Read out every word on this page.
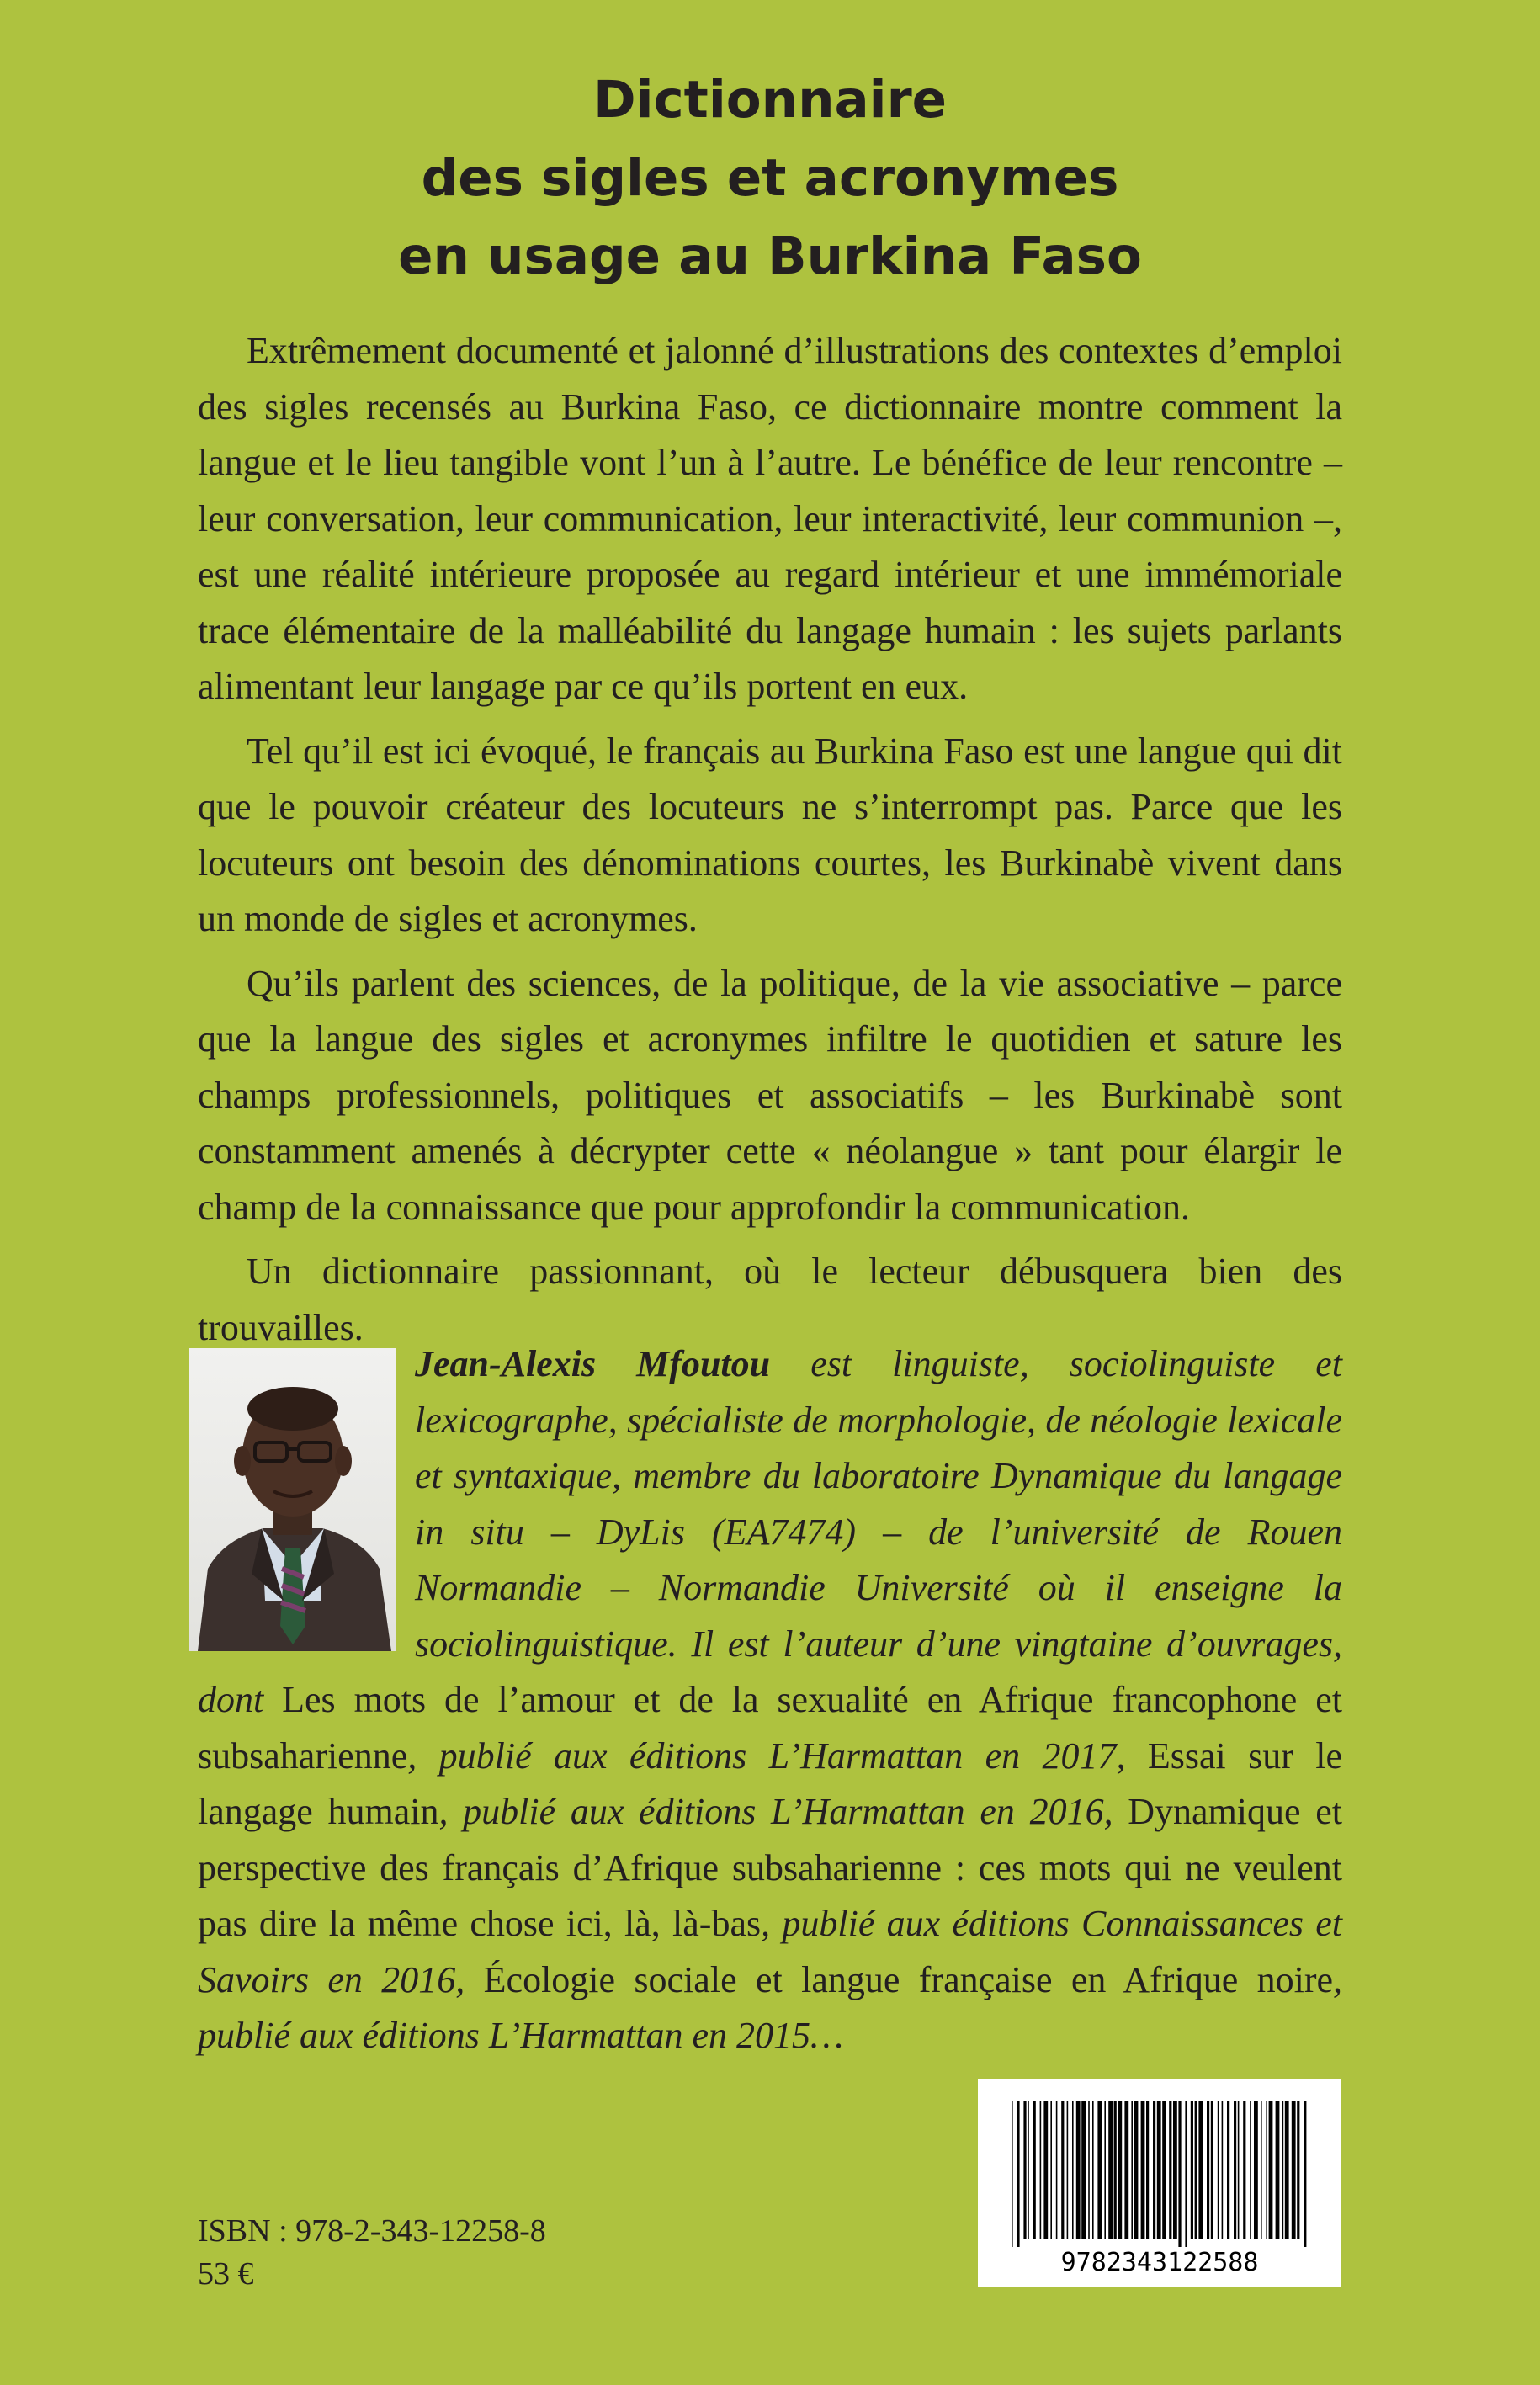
Dictionnaire
des sigles et acronymes
en usage au Burkina Faso

Extrêmement documenté et jalonné d’illustrations des contextes d’emploi des sigles recensés au Burkina Faso, ce dictionnaire montre comment la langue et le lieu tangible vont l’un à l’autre. Le bénéfice de leur rencontre – leur conversation, leur communication, leur interactivité, leur communion –, est une réalité intérieure proposée au regard intérieur et une immémoriale trace élémentaire de la malléabilité du langage humain : les sujets parlants alimentant leur langage par ce qu’ils portent en eux.

Tel qu’il est ici évoqué, le français au Burkina Faso est une langue qui dit que le pouvoir créateur des locuteurs ne s’interrompt pas. Parce que les locuteurs ont besoin des dénominations courtes, les Burkinabè vivent dans un monde de sigles et acronymes.

Qu’ils parlent des sciences, de la politique, de la vie associative – parce que la langue des sigles et acronymes infiltre le quotidien et sature les champs professionnels, politiques et associatifs – les Burkinabè sont constamment amenés à décrypter cette « néolangue » tant pour élargir le champ de la connaissance que pour approfondir la communication.

Un dictionnaire passionnant, où le lecteur débusquera bien des trouvailles.

Jean-Alexis Mfoutou est linguiste, sociolinguiste et lexicographe, spécialiste de morphologie, de néologie lexicale et syntaxique, membre du laboratoire Dynamique du langage in situ – DyLis (EA7474) – de l’université de Rouen Normandie – Normandie Université où il enseigne la sociolinguistique. Il est l’auteur d’une vingtaine d’ouvrages, dont Les mots de l’amour et de la sexualité en Afrique francophone et subsaharienne, publié aux éditions L’Harmattan en 2017, Essai sur le langage humain, publié aux éditions L’Harmattan en 2016, Dynamique et perspective des français d’Afrique subsaharienne : ces mots qui ne veulent pas dire la même chose ici, là, là-bas, publié aux éditions Connaissances et Savoirs en 2016, Écologie sociale et langue française en Afrique noire, publié aux éditions L’Harmattan en 2015…

9782343122588
ISBN : 978-2-343-12258-8
53 €
